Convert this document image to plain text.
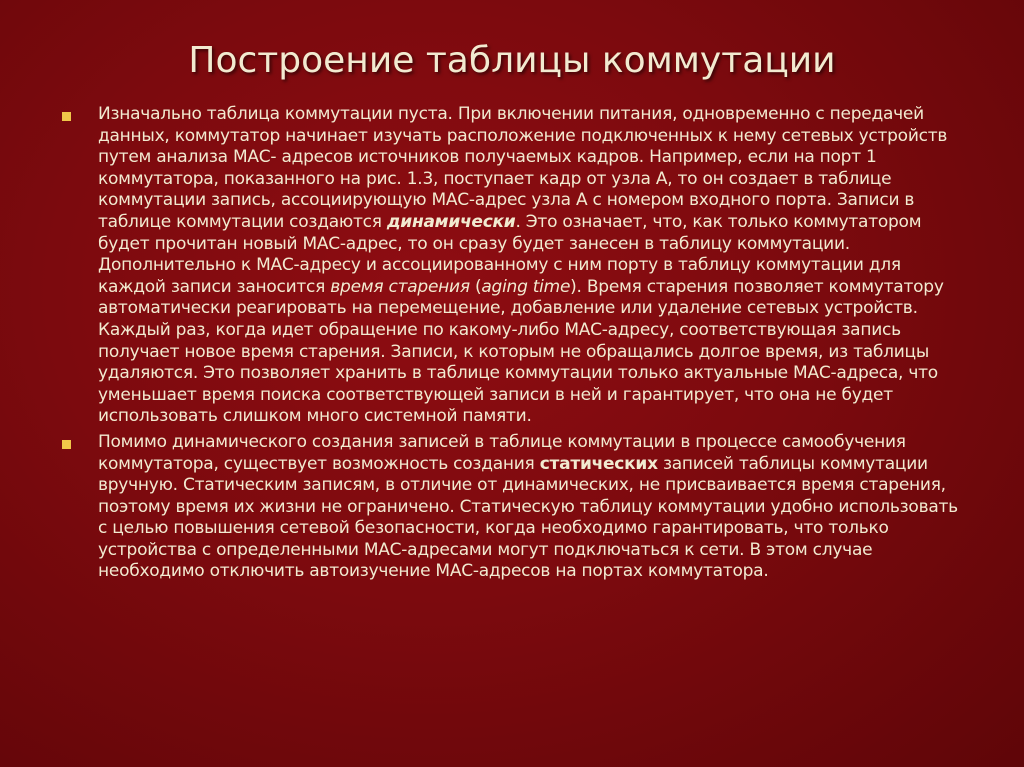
Построение таблицы коммутации

Изначально таблица коммутации пуста. При включении питания, одновременно с передачей данных, коммутатор начинает изучать расположение подключенных к нему сетевых устройств путем анализа МАС- адресов источников получаемых кадров. Например, если на порт 1 коммутатора, показанного на рис. 1.3, поступает кадр от узла А, то он создает в таблице коммутации запись, ассоциирующую МАС-адрес узла А с номером входного порта. Записи в таблице коммутации создаются динамически. Это означает, что, как только коммутатором будет прочитан новый МАС-адрес, то он сразу будет занесен в таблицу коммутации. Дополнительно к МАС-адресу и ассоциированному с ним порту в таблицу коммутации для каждой записи заносится время старения (aging time). Время старения позволяет коммутатору автоматически реагировать на перемещение, добавление или удаление сетевых устройств. Каждый раз, когда идет обращение по какому-либо МАС-адресу, соответствующая запись получает новое время старения. Записи, к которым не обращались долгое время, из таблицы удаляются. Это позволяет хранить в таблице коммутации только актуальные МАС-адреса, что уменьшает время поиска соответствующей записи в ней и гарантирует, что она не будет использовать слишком много системной памяти.

Помимо динамического создания записей в таблице коммутации в процессе самообучения коммутатора, существует возможность создания статических записей таблицы коммутации вручную. Статическим записям, в отличие от динамических, не присваивается время старения, поэтому время их жизни не ограничено. Статическую таблицу коммутации удобно использовать с целью повышения сетевой безопасности, когда необходимо гарантировать, что только устройства с определенными МАС-адресами могут подключаться к сети. В этом случае необходимо отключить автоизучение МАС-адресов на портах коммутатора.
